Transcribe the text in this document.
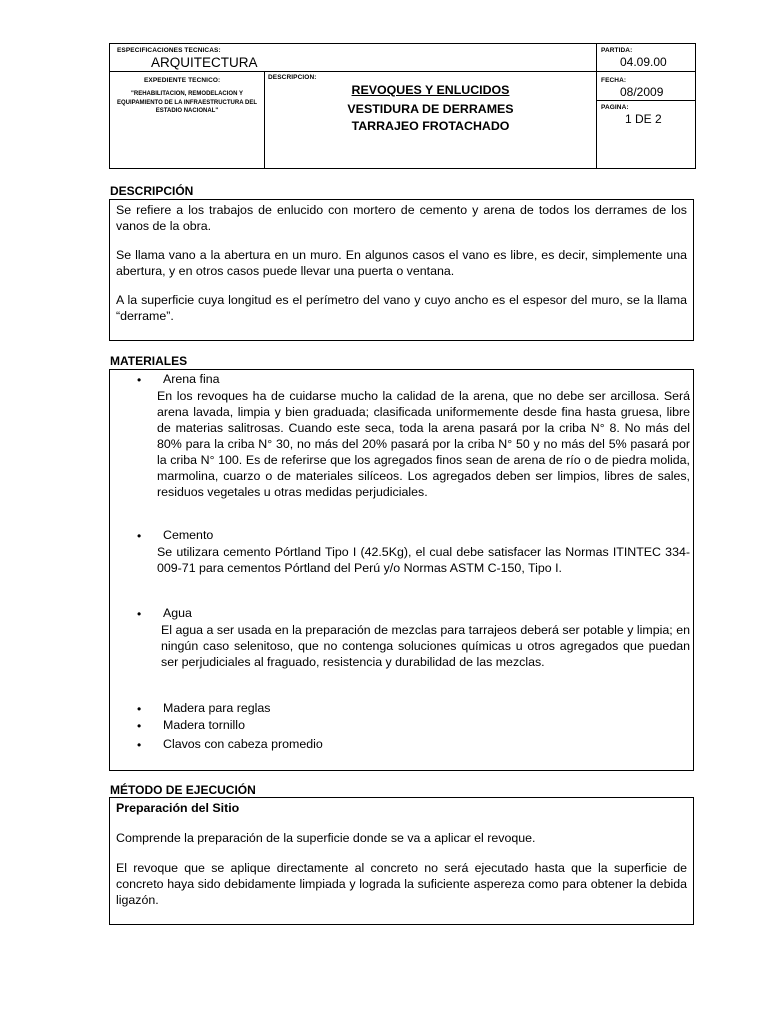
ESPECIFICACIONES TECNICAS:
ARQUITECTURA
PARTIDA:
04.09.00
EXPEDIENTE TECNICO:
"REHABILITACION, REMODELACION Y EQUIPAMIENTO DE LA INFRAESTRUCTURA DEL ESTADIO NACIONAL"
DESCRIPCION:
REVOQUES Y ENLUCIDOS
VESTIDURA DE DERRAMES
TARRAJEO FROTACHADO
FECHA:
08/2009
PAGINA:
1 DE 2
DESCRIPCIÓN

Se refiere a los trabajos de enlucido con mortero de cemento y arena de todos los derrames de los vanos de la obra.

Se llama vano a la abertura en un muro. En algunos casos el vano es libre, es decir, simplemente una abertura, y en otros casos puede llevar una puerta o ventana.

A la superficie cuya longitud es el perímetro del vano y cuyo ancho es el espesor del muro, se la llama “derrame”.

MATERIALES
• Arena fina

En los revoques ha de cuidarse mucho la calidad de la arena, que no debe ser arcillosa. Será arena lavada, limpia y bien graduada; clasificada uniformemente desde fina hasta gruesa, libre de materias salitrosas. Cuando este seca, toda la arena pasará por la criba N° 8. No más del 80% para la criba N° 30, no más del 20% pasará por la criba N° 50 y no más del 5% pasará por la criba N° 100. Es de referirse que los agregados finos sean de arena de río o de piedra molida, marmolina, cuarzo o de materiales silíceos. Los agregados deben ser limpios, libres de sales, residuos vegetales u otras medidas perjudiciales.

• Cemento

Se utilizara cemento Pórtland Tipo I (42.5Kg), el cual debe satisfacer las Normas ITINTEC 334-009-71 para cementos Pórtland del Perú y/o Normas ASTM C-150, Tipo I.

• Agua

El agua a ser usada en la preparación de mezclas para tarrajeos deberá ser potable y limpia; en ningún caso selenitoso, que no contenga soluciones químicas u otros agregados que puedan ser perjudiciales al fraguado, resistencia y durabilidad de las mezclas.

• Madera para reglas
• Madera tornillo
• Clavos con cabeza promedio
MÉTODO DE EJECUCIÓN

Preparación del Sitio

Comprende la preparación de la superficie donde se va a aplicar el revoque.

El revoque que se aplique directamente al concreto no será ejecutado hasta que la superficie de concreto haya sido debidamente limpiada y lograda la suficiente aspereza como para obtener la debida ligazón.
